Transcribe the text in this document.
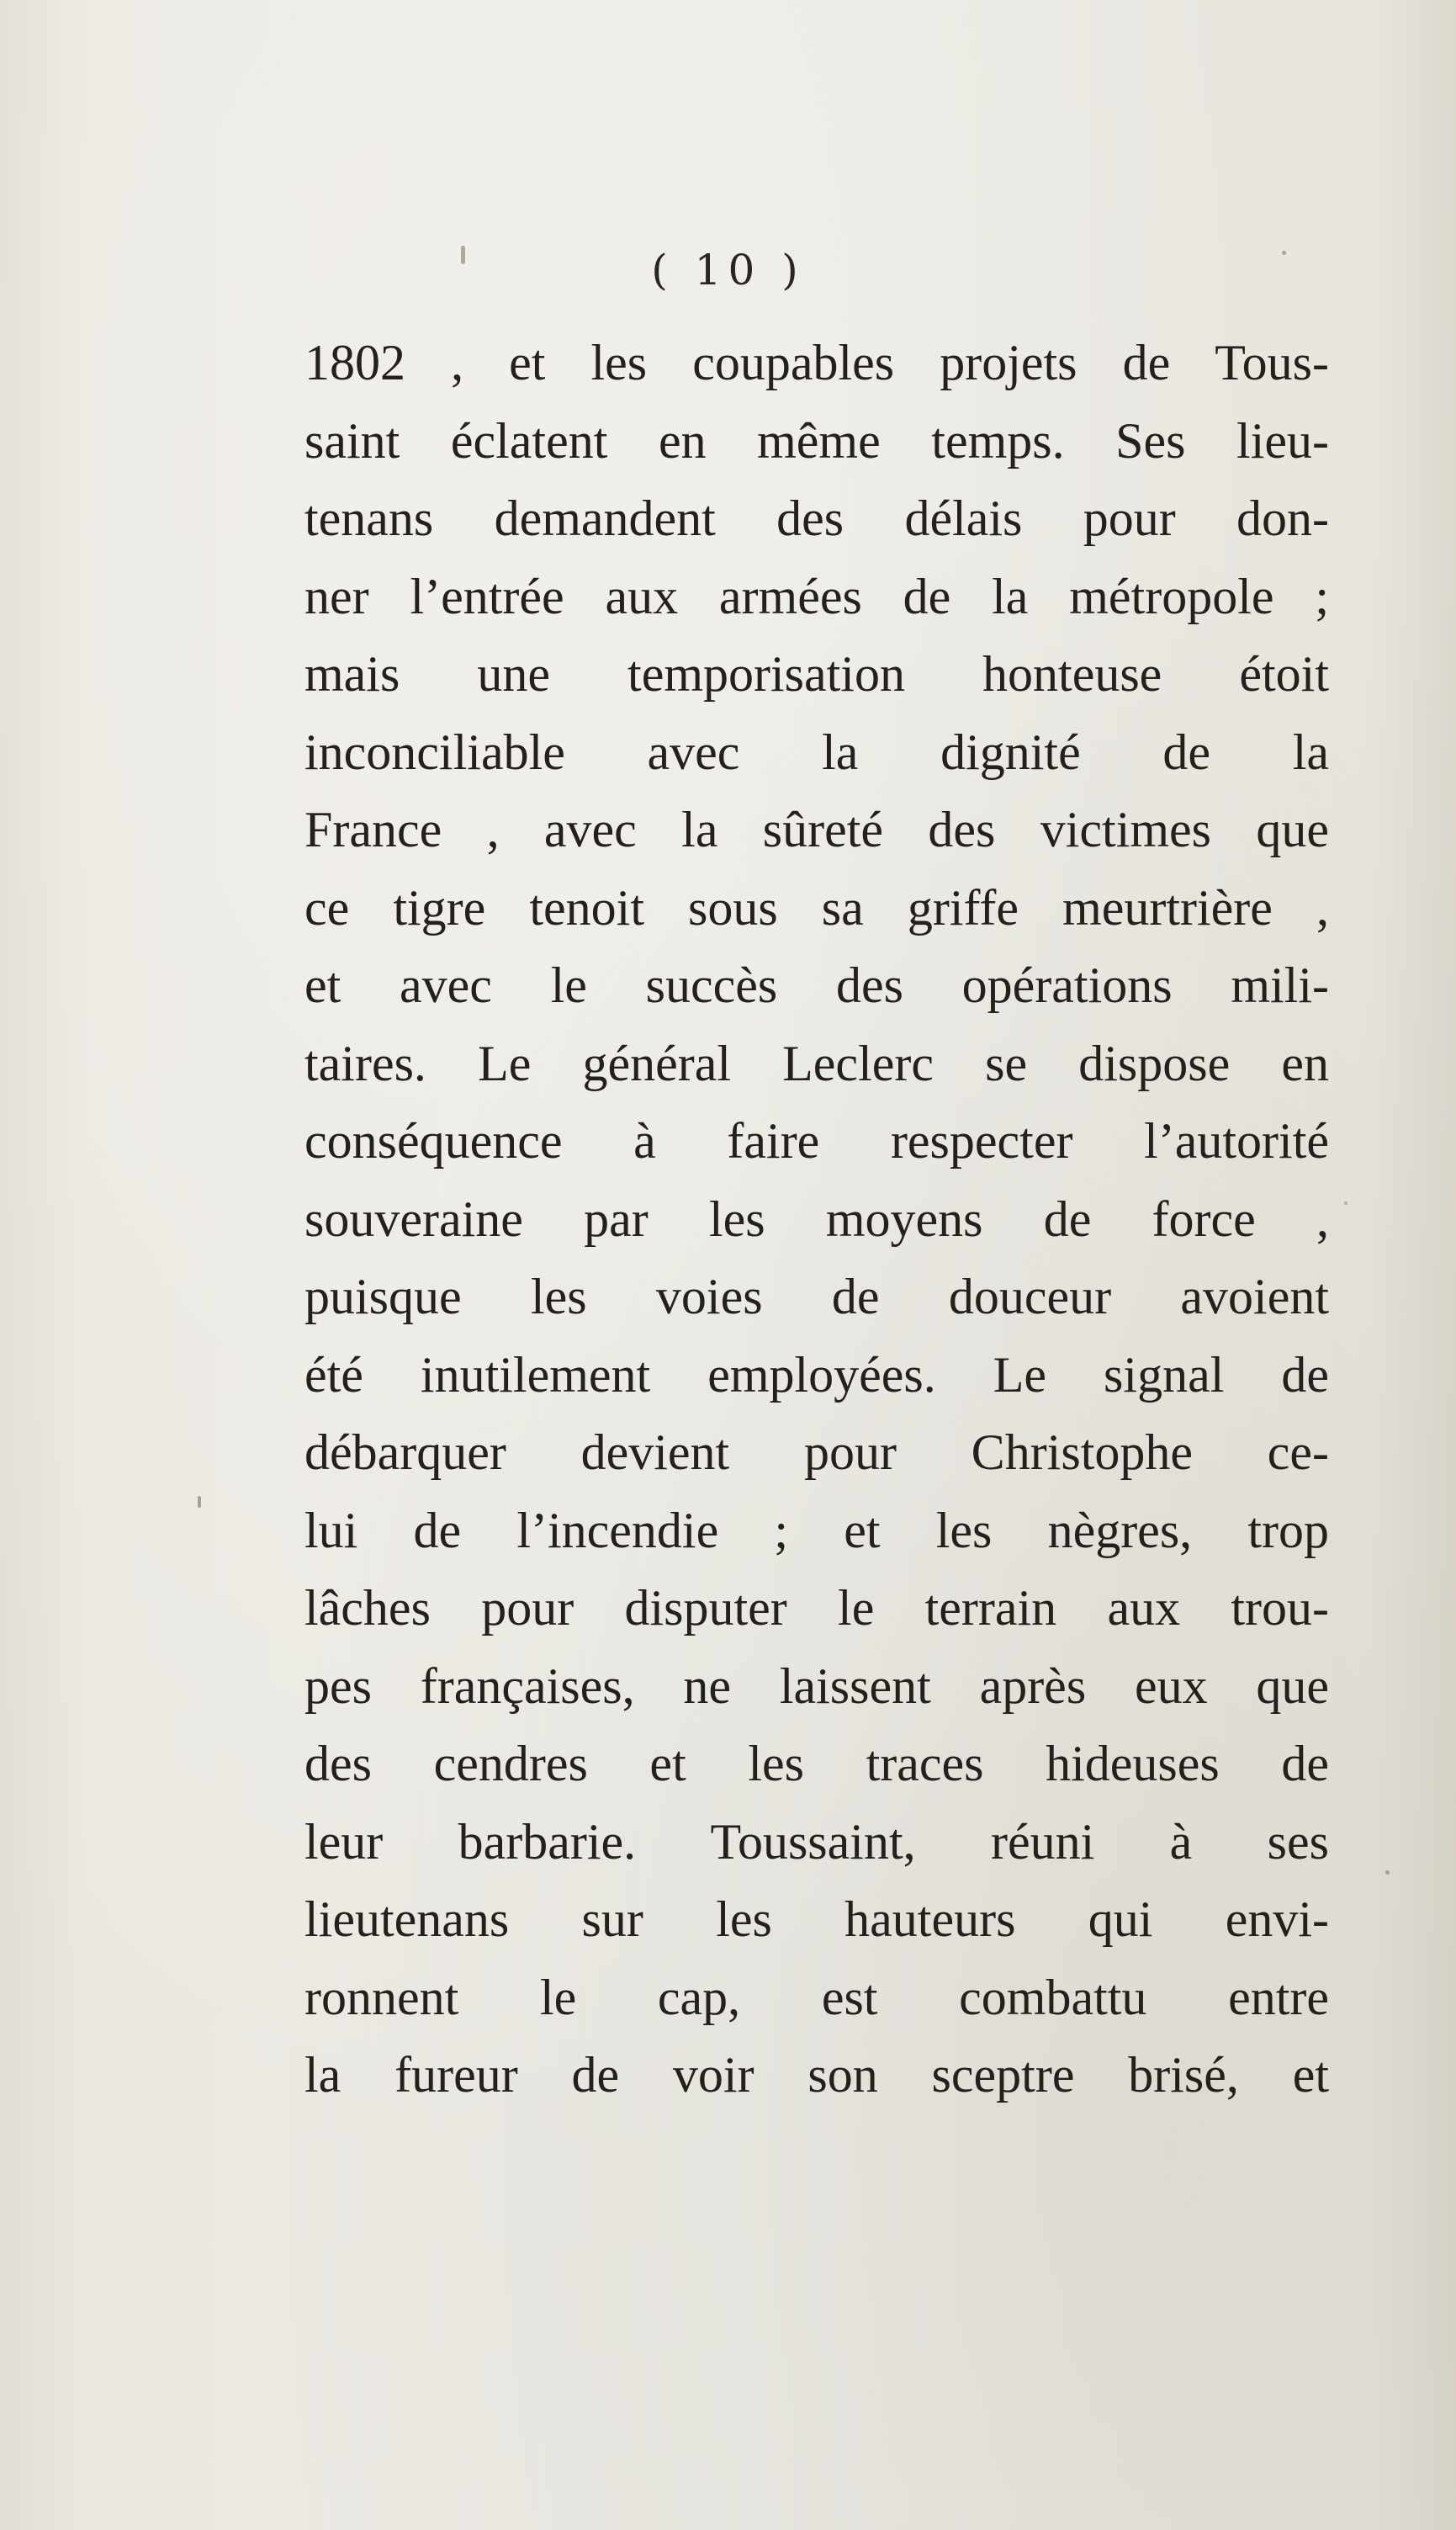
( 10 )
1802 , et les coupables projets de Tous-
saint éclatent en même temps. Ses lieu-
tenans demandent des délais pour don-
ner l’entrée aux armées de la métropole ;
mais une temporisation honteuse étoit
inconciliable avec la dignité de la
France , avec la sûreté des victimes que
ce tigre tenoit sous sa griffe meurtrière ,
et avec le succès des opérations mili-
taires. Le général Leclerc se dispose en
conséquence à faire respecter l’autorité
souveraine par les moyens de force ,
puisque les voies de douceur avoient
été inutilement employées. Le signal de
débarquer devient pour Christophe ce-
lui de l’incendie ; et les nègres, trop
lâches pour disputer le terrain aux trou-
pes françaises, ne laissent après eux que
des cendres et les traces hideuses de
leur barbarie. Toussaint, réuni à ses
lieutenans sur les hauteurs qui envi-
ronnent le cap, est combattu entre
la fureur de voir son sceptre brisé, et
